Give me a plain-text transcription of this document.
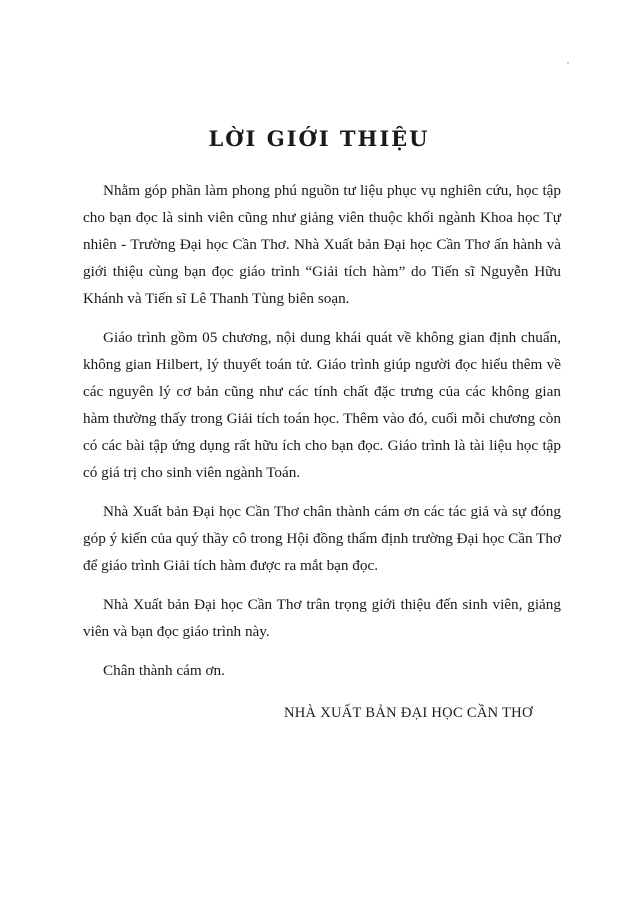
LỜI GIỚI THIỆU

Nhằm góp phần làm phong phú nguồn tư liệu phục vụ nghiên cứu, học tập cho bạn đọc là sinh viên cũng như giảng viên thuộc khối ngành Khoa học Tự nhiên - Trường Đại học Cần Thơ. Nhà Xuất bản Đại học Cần Thơ ấn hành và giới thiệu cùng bạn đọc giáo trình “Giải tích hàm” do Tiến sĩ Nguyễn Hữu Khánh và Tiến sĩ Lê Thanh Tùng biên soạn.

Giáo trình gồm 05 chương, nội dung khái quát về không gian định chuẩn, không gian Hilbert, lý thuyết toán tử. Giáo trình giúp người đọc hiểu thêm về các nguyên lý cơ bản cũng như các tính chất đặc trưng của các không gian hàm thường thấy trong Giải tích toán học. Thêm vào đó, cuối mỗi chương còn có các bài tập ứng dụng rất hữu ích cho bạn đọc. Giáo trình là tài liệu học tập có giá trị cho sinh viên ngành Toán.

Nhà Xuất bản Đại học Cần Thơ chân thành cám ơn các tác giả và sự đóng góp ý kiến của quý thầy cô trong Hội đồng thẩm định trường Đại học Cần Thơ để giáo trình Giải tích hàm được ra mắt bạn đọc.

Nhà Xuất bản Đại học Cần Thơ trân trọng giới thiệu đến sinh viên, giảng viên và bạn đọc giáo trình này.

Chân thành cám ơn.

NHÀ XUẤT BẢN ĐẠI HỌC CẦN THƠ
